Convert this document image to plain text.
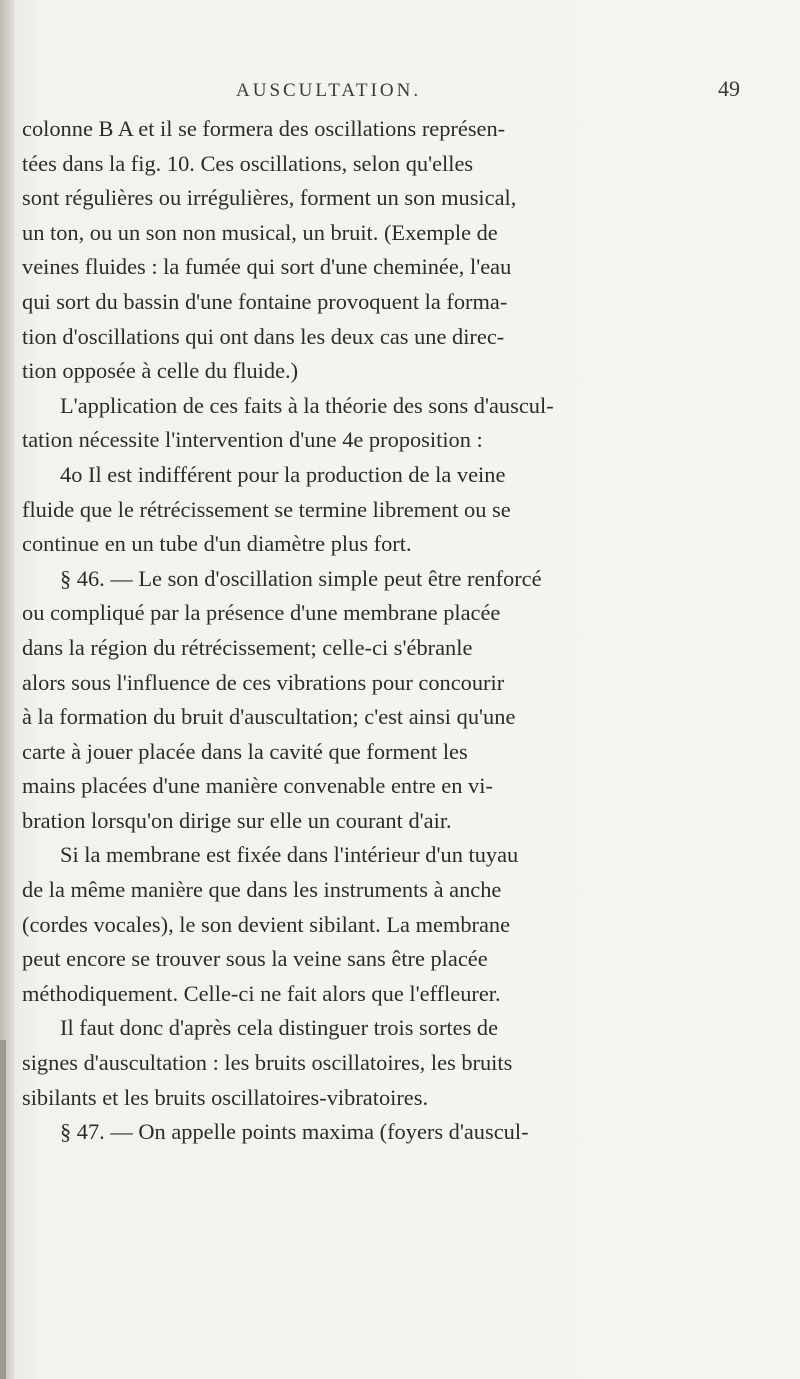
AUSCULTATION.	49
colonne B A et il se formera des oscillations représen-
tées dans la fig. 10. Ces oscillations, selon qu'elles
sont régulières ou irrégulières, forment un son musical,
un ton, ou un son non musical, un bruit. (Exemple de
veines fluides : la fumée qui sort d'une cheminée, l'eau
qui sort du bassin d'une fontaine provoquent la forma-
tion d'oscillations qui ont dans les deux cas une direc-
tion opposée à celle du fluide.)
L'application de ces faits à la théorie des sons d'auscul-
tation nécessite l'intervention d'une 4e proposition :
4o Il est indifférent pour la production de la veine
fluide que le rétrécissement se termine librement ou se
continue en un tube d'un diamètre plus fort.
§ 46. — Le son d'oscillation simple peut être renforcé
ou compliqué par la présence d'une membrane placée
dans la région du rétrécissement; celle-ci s'ébranle
alors sous l'influence de ces vibrations pour concourir
à la formation du bruit d'auscultation; c'est ainsi qu'une
carte à jouer placée dans la cavité que forment les
mains placées d'une manière convenable entre en vi-
bration lorsqu'on dirige sur elle un courant d'air.
Si la membrane est fixée dans l'intérieur d'un tuyau
de la même manière que dans les instruments à anche
(cordes vocales), le son devient sibilant. La membrane
peut encore se trouver sous la veine sans être placée
méthodiquement. Celle-ci ne fait alors que l'effleurer.
Il faut donc d'après cela distinguer trois sortes de
signes d'auscultation : les bruits oscillatoires, les bruits
sibilants et les bruits oscillatoires-vibratoires.
§ 47. — On appelle points maxima (foyers d'auscul-
